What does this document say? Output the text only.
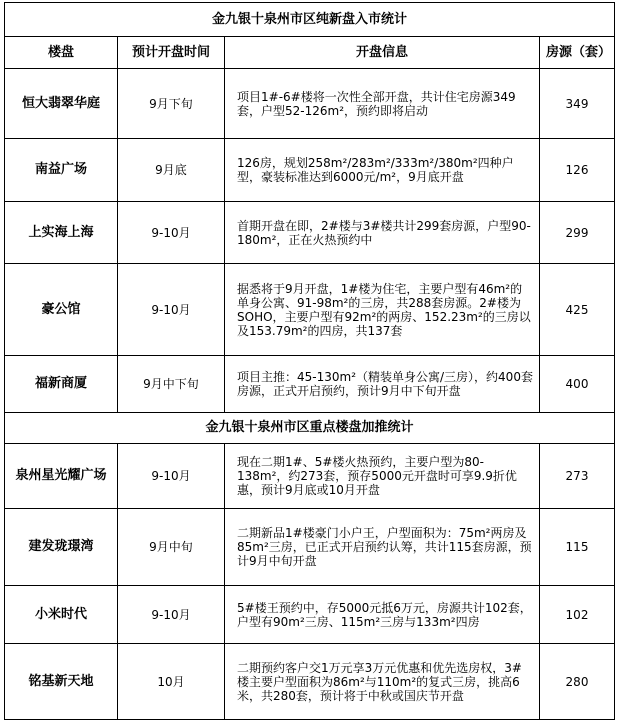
金九银十泉州市区纯新盘入市统计			
楼盘	预计开盘时间	开盘信息	房源（套）
恒大翡翠华庭	9月下旬	项目1#-6#楼将一次性全部开盘，共计住宅房源349套，户型52-126m²，预约即将启动	349
南益广场	9月底	126房，规划258m²/283m²/333m²/380m²四种户型，豪装标准达到6000元/m²，9月底开盘	126
上实海上海	9-10月	首期开盘在即，2#楼与3#楼共计299套房源，户型90-180m²，正在火热预约中	299
豪公馆	9-10月	据悉将于9月开盘，1#楼为住宅，主要户型有46m²的单身公寓、91-98m²的三房，共288套房源。2#楼为SOHO，主要户型有92m²的两房、152.23m²的三房以及153.79m²的四房，共137套	425
福新商厦	9月中下旬	项目主推：45-130m²（精装单身公寓/三房），约400套房源，正式开启预约，预计9月中下旬开盘	400
金九银十泉州市区重点楼盘加推统计			
泉州星光耀广场	9-10月	现在二期1#、5#楼火热预约，主要户型为80-138m²，约273套，预存5000元开盘时可享9.9折优惠，预计9月底或10月开盘	273
建发珑璟湾	9月中旬	二期新品1#楼豪门小户王，户型面积为：75m²两房及85m²三房，已正式开启预约认筹，共计115套房源，预计9月中旬开盘	115
小米时代	9-10月	5#楼王预约中，存5000元抵6万元，房源共计102套，户型有90m²三房、115m²三房与133m²四房	102
铭基新天地	10月	二期预约客户交1万元享3万元优惠和优先选房权，3#楼主要户型面积为86m²与110m²的复式三房，挑高6米，共280套，预计将于中秋或国庆节开盘	280
